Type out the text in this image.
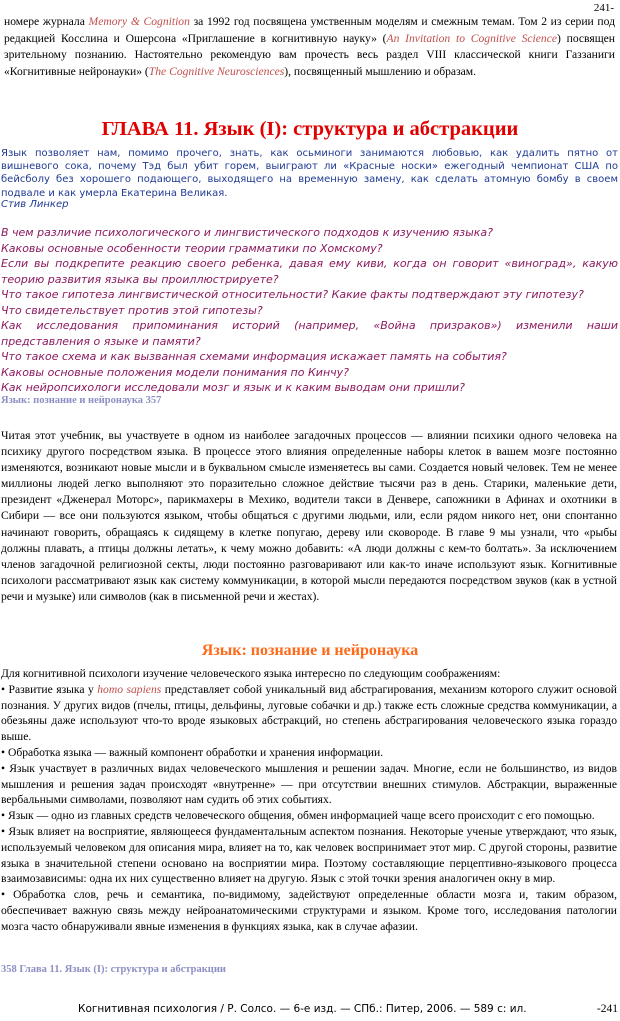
241-
номере журнала Memory & Cognition за 1992 год посвящена умственным моделям и смежным темам. Том 2 из серии под редакцией Косслина и Ошерсона «Приглашение в когнитивную науку» (An Invitation to Cognitive Science) посвящен зрительному познанию. Настоятельно рекомендую вам прочесть весь раздел VIII классической книги Газзаниги «Когнитивные нейронауки» (The Cognitive Neurosciences), посвященный мышлению и образам.
ГЛАВА 11. Язык (I): структура и абстракции
Язык позволяет нам, помимо прочего, знать, как осьминоги занимаются любовью, как удалить пятно от вишневого сока, почему Тэд был убит горем, выиграют ли «Красные носки» ежегодный чемпионат США по бейсболу без хорошего подающего, выходящего на временную замену, как сделать атомную бомбу в своем подвале и как умерла Екатерина Великая.
Стив Линкер

В чем различие психологического и лингвистического подходов к изучению языка?

Каковы основные особенности теории грамматики по Хомскому?

Если вы подкрепите реакцию своего ребенка, давая ему киви, когда он говорит «виноград», какую теорию развития языка вы проиллюстрируете?

Что такое гипотеза лингвистической относительности? Какие факты подтверждают эту гипотезу?

Что свидетельствует против этой гипотезы?

Как исследования припоминания историй (например, «Война призраков») изменили наши представления о языке и памяти?

Что такое схема и как вызванная схемами информация искажает память на события?

Каковы основные положения модели понимания по Кинчу?

Как нейропсихологи исследовали мозг и язык и к каким выводам они пришли?

Язык: познание и нейронаука 357
Читая этот учебник, вы участвуете в одном из наиболее загадочных процессов — влиянии психики одного человека на психику другого посредством языка. В процессе этого влияния определенные наборы клеток в вашем мозге постоянно изменяются, возникают новые мысли и в буквальном смысле изменяетесь вы сами. Создается новый человек. Тем не менее миллионы людей легко выполняют это поразительно сложное действие тысячи раз в день. Старики, маленькие дети, президент «Дженерал Моторс», парикмахеры в Мехико, водители такси в Денвере, сапожники в Афинах и охотники в Сибири — все они пользуются языком, чтобы общаться с другими людьми, или, если рядом никого нет, они спонтанно начинают говорить, обращаясь к сидящему в клетке попугаю, дереву или сковороде. В главе 9 мы узнали, что «рыбы должны плавать, а птицы должны летать», к чему можно добавить: «А люди должны с кем-то болтать». За исключением членов загадочной религиозной секты, люди постоянно разговаривают или как-то иначе используют язык. Когнитивные психологи рассматривают язык как систему коммуникации, в которой мысли передаются посредством звуков (как в устной речи и музыке) или символов (как в письменной речи и жестах).
Язык: познание и нейронаука

Для когнитивной психологи изучение человеческого языка интересно по следующим соображениям:

• Развитие языка у homo sapiens представляет собой уникальный вид абстрагирования, механизм которого служит основой познания. У других видов (пчелы, птицы, дельфины, луговые собачки и др.) также есть сложные средства коммуникации, а обезьяны даже используют что-то вроде языковых абстракций, но степень абстрагирования человеческого языка гораздо выше.

• Обработка языка — важный компонент обработки и хранения информации.

• Язык участвует в различных видах человеческого мышления и решении задач. Многие, если не большинство, из видов мышления и решения задач происходят «внутренне» — при отсутствии внешних стимулов. Абстракции, выраженные вербальными символами, позволяют нам судить об этих событиях.

• Язык — одно из главных средств человеческого общения, обмен информацией чаще всего происходит с его помощью.

• Язык влияет на восприятие, являющееся фундаментальным аспектом познания. Некоторые ученые утверждают, что язык, используемый человеком для описания мира, влияет на то, как человек воспринимает этот мир. С другой стороны, развитие языка в значительной степени основано на восприятии мира. Поэтому составляющие перцептивно-языкового процесса взаимозависимы: одна их них существенно влияет на другую. Язык с этой точки зрения аналогичен окну в мир.

• Обработка слов, речь и семантика, по-видимому, задействуют определенные области мозга и, таким образом, обеспечивает важную связь между нейроанатомическими структурами и языком. Кроме того, исследования патологии мозга часто обнаруживали явные изменения в функциях языка, как в случае афазии.

358 Глава 11. Язык (I): структура и абстракции
Когнитивная психология / Р. Солсо. — 6-е изд. — СПб.: Питер, 2006. — 589 с: ил.	-241
